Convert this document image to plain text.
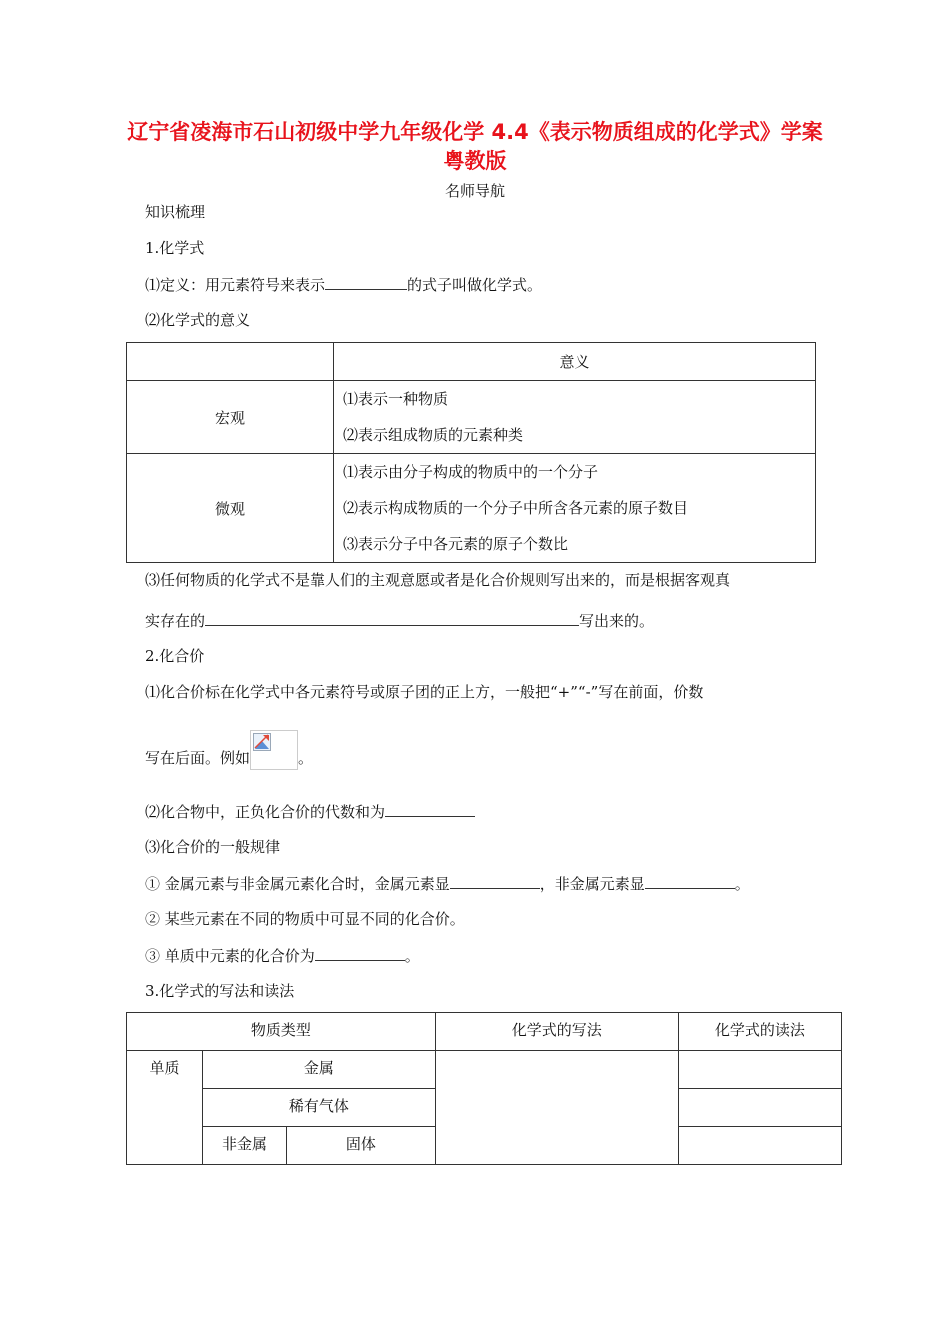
辽宁省凌海市石山初级中学九年级化学 4.4《表示物质组成的化学式》学案 粤教版
名师导航
知识梳理
1.化学式
⑴定义：用元素符号来表示	的式子叫做化学式。
⑵化学式的意义
	意义
宏观	⑴表示一种物质
⑵表示组成物质的元素种类

微观	⑴表示由分子构成的物质中的一个分子
⑵表示构成物质的一个分子中所含各元素的原子数目
⑶表示分子中各元素的原子个数比
⑶任何物质的化学式不是靠人们的主观意愿或者是化合价规则写出来的，而是根据客观真
实存在的	写出来的。
2.化合价
⑴化合价标在化学式中各元素符号或原子团的正上方，一般把“+”“-”写在前面，价数
写在后面。例如	。
⑵化合物中，正负化合价的代数和为
⑶化合价的一般规律
① 金属元素与非金属元素化合时，金属元素显	，非金属元素显	。
② 某些元素在不同的物质中可显不同的化合价。
③ 单质中元素的化合价为	。
3.化学式的写法和读法
物质类型			化学式的写法	化学式的读法
单质	金属			
	稀有气体			
	非金属	固体		
